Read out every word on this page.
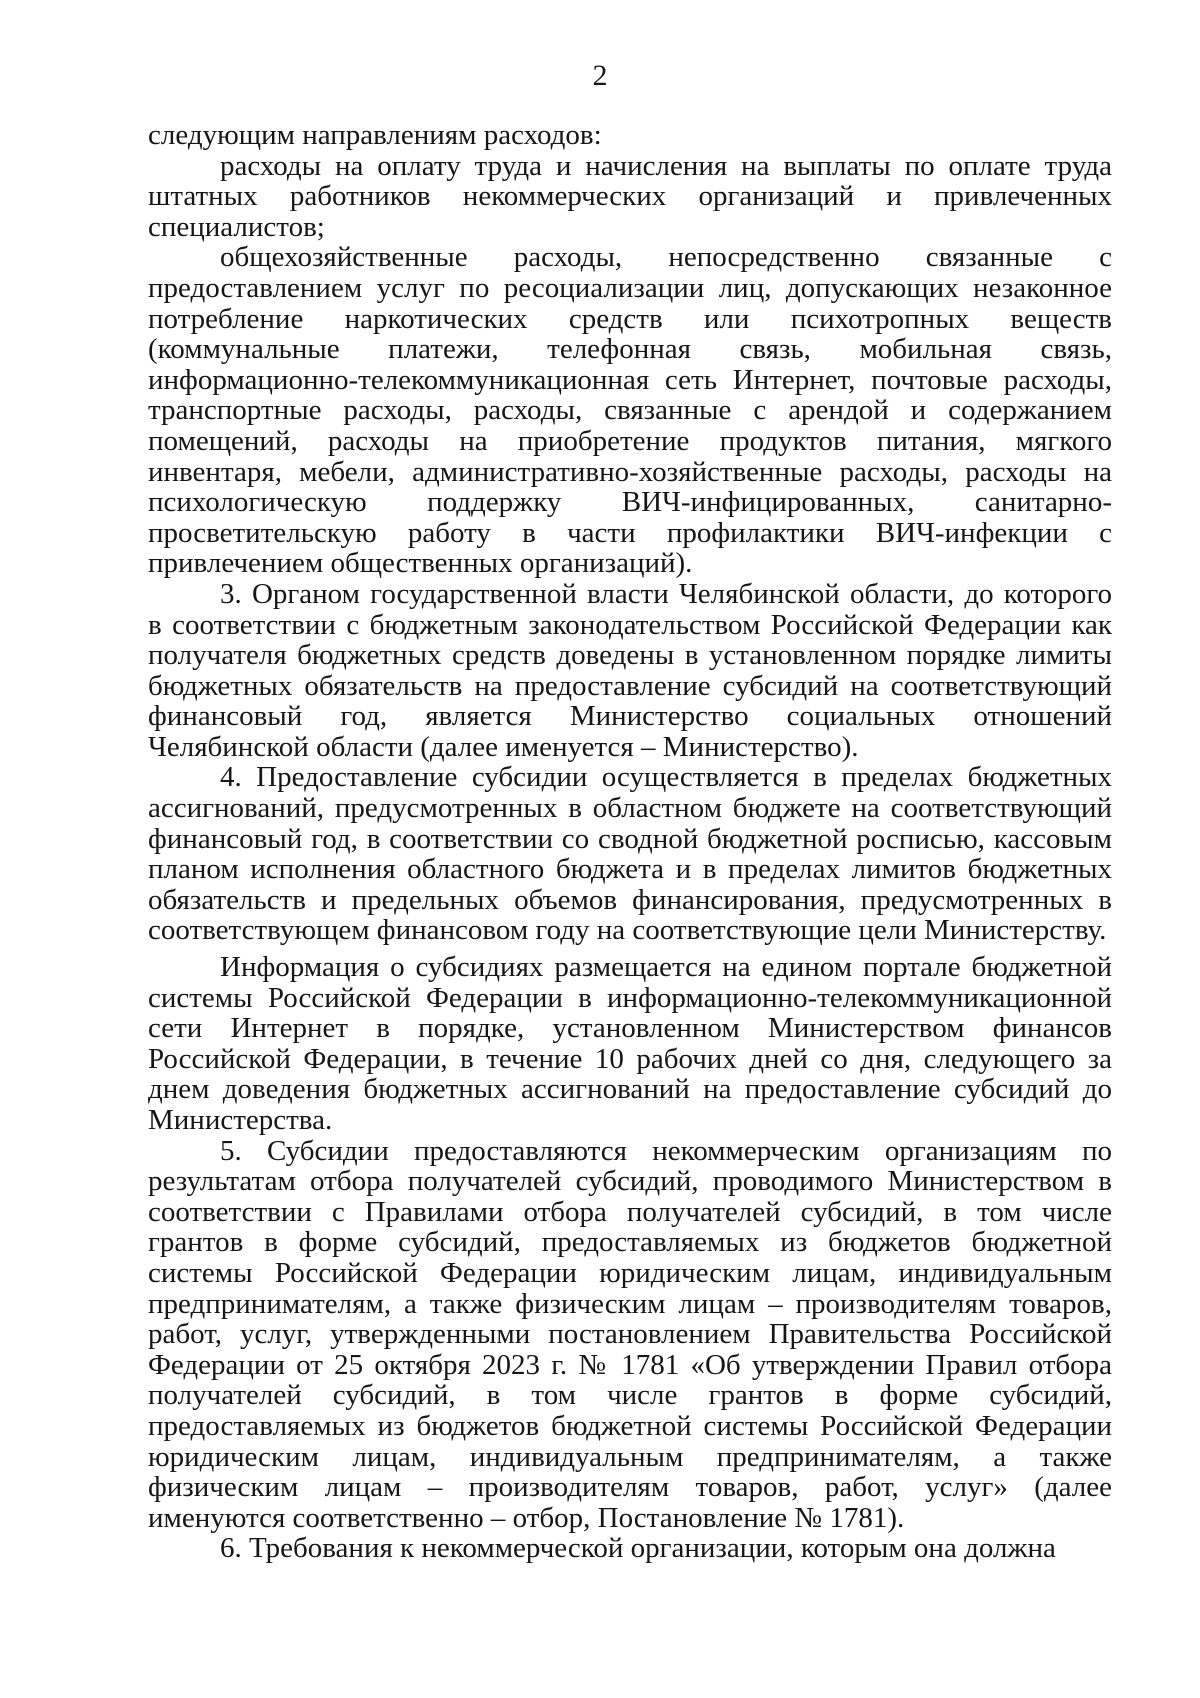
2

следующим направлениям расходов:

расходы на оплату труда и начисления на выплаты по оплате труда штатных работников некоммерческих организаций и привлеченных специалистов;

общехозяйственные расходы, непосредственно связанные с предоставлением услуг по ресоциализации лиц, допускающих незаконное потребление наркотических средств или психотропных веществ (коммунальные платежи, телефонная связь, мобильная связь, информационно-телекоммуникационная сеть Интернет, почтовые расходы, транспортные расходы, расходы, связанные с арендой и содержанием помещений, расходы на приобретение продуктов питания, мягкого инвентаря, мебели, административно-хозяйственные расходы, расходы на психологическую поддержку ВИЧ-инфицированных, санитарно-просветительскую работу в части профилактики ВИЧ-инфекции с привлечением общественных организаций).

3. Органом государственной власти Челябинской области, до которого в соответствии с бюджетным законодательством Российской Федерации как получателя бюджетных средств доведены в установленном порядке лимиты бюджетных обязательств на предоставление субсидий на соответствующий финансовый год, является Министерство социальных отношений Челябинской области (далее именуется – Министерство).

4. Предоставление субсидии осуществляется в пределах бюджетных ассигнований, предусмотренных в областном бюджете на соответствующий финансовый год, в соответствии со сводной бюджетной росписью, кассовым планом исполнения областного бюджета и в пределах лимитов бюджетных обязательств и предельных объемов финансирования, предусмотренных в соответствующем финансовом году на соответствующие цели Министерству.

Информация о субсидиях размещается на едином портале бюджетной системы Российской Федерации в информационно-телекоммуникационной сети Интернет в порядке, установленном Министерством финансов Российской Федерации, в течение 10 рабочих дней со дня, следующего за днем доведения бюджетных ассигнований на предоставление субсидий до Министерства.

5. Субсидии предоставляются некоммерческим организациям по результатам отбора получателей субсидий, проводимого Министерством в соответствии с Правилами отбора получателей субсидий, в том числе грантов в форме субсидий, предоставляемых из бюджетов бюджетной системы Российской Федерации юридическим лицам, индивидуальным предпринимателям, а также физическим лицам – производителям товаров, работ, услуг, утвержденными постановлением Правительства Российской Федерации от 25 октября 2023 г. № 1781 «Об утверждении Правил отбора получателей субсидий, в том числе грантов в форме субсидий, предоставляемых из бюджетов бюджетной системы Российской Федерации юридическим лицам, индивидуальным предпринимателям, а также физическим лицам – производителям товаров, работ, услуг» (далее именуются соответственно – отбор, Постановление № 1781).

6. Требования к некоммерческой организации, которым она должна
